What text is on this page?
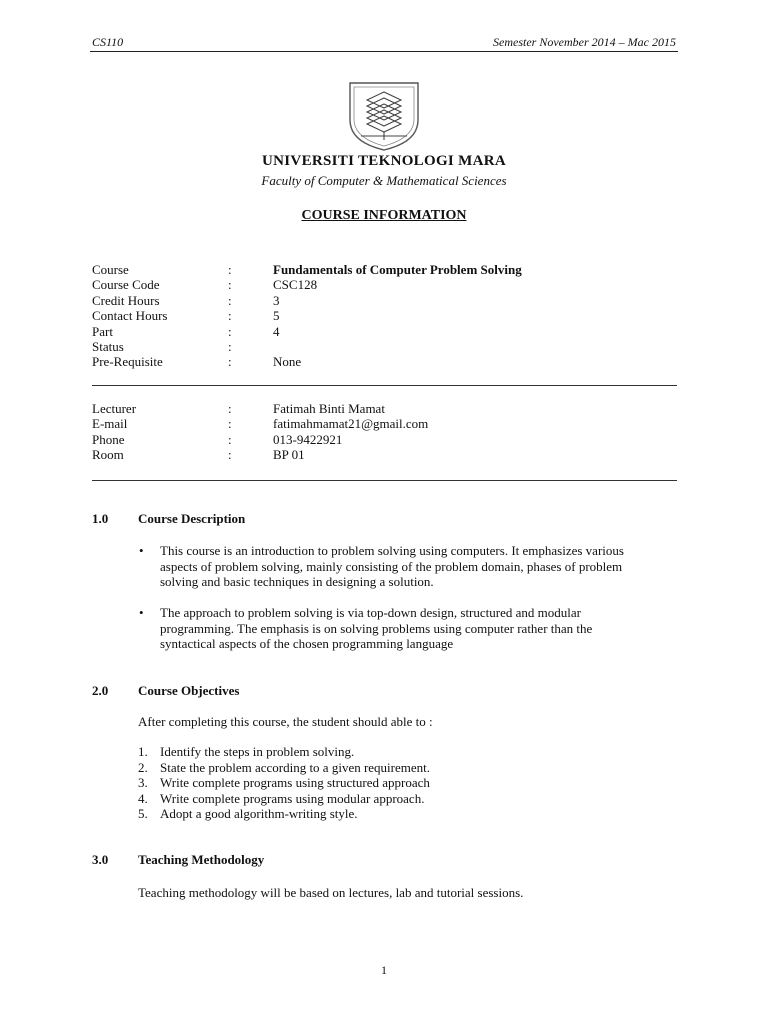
CS110	Semester November 2014 – Mac 2015
UNIVERSITI TEKNOLOGI MARA
Faculty of Computer & Mathematical Sciences
COURSE INFORMATION
Course	:	Fundamentals of Computer Problem Solving
Course Code	:	CSC128
Credit Hours	:	3
Contact Hours	:	5
Part	:	4
Status	:
Pre-Requisite	:	None
Lecturer	:	Fatimah Binti Mamat
E-mail	:	fatimahmamat21@gmail.com
Phone	:	013-9422921
Room	:	BP 01
1.0 Course Description
• This course is an introduction to problem solving using computers. It emphasizes various
aspects of problem solving, mainly consisting of the problem domain, phases of problem
solving and basic techniques in designing a solution.
• The approach to problem solving is via top-down design, structured and modular
programming. The emphasis is on solving problems using computer rather than the
syntactical aspects of the chosen programming language
2.0 Course Objectives
After completing this course, the student should able to :
1. Identify the steps in problem solving.
2. State the problem according to a given requirement.
3. Write complete programs using structured approach
4. Write complete programs using modular approach.
5. Adopt a good algorithm-writing style.
3.0 Teaching Methodology
Teaching methodology will be based on lectures, lab and tutorial sessions.
1
